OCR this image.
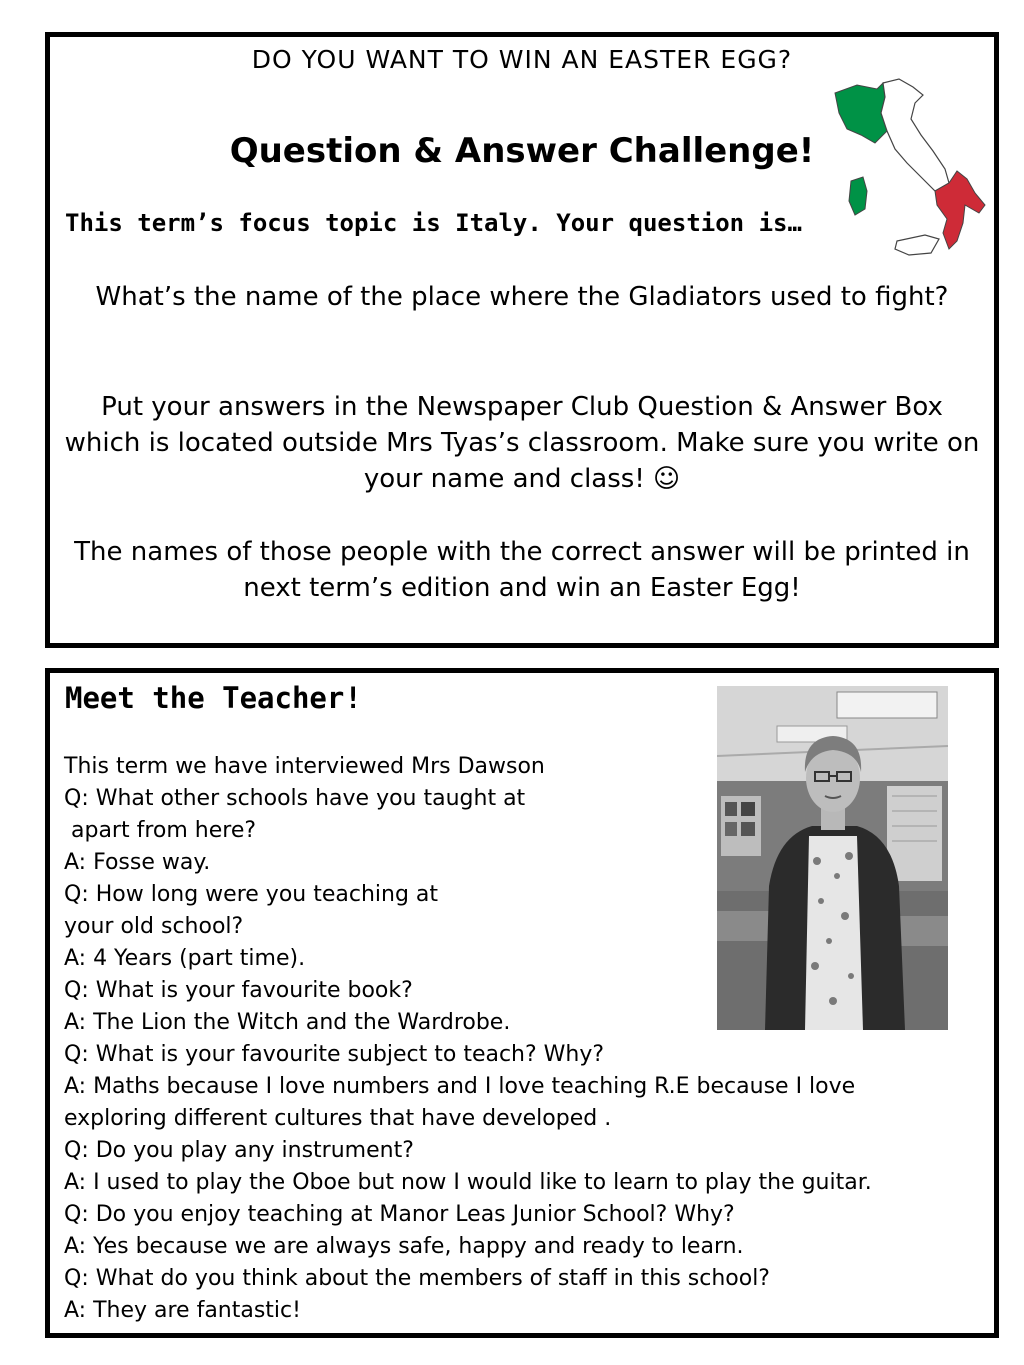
DO YOU WANT TO WIN AN EASTER EGG?
Question & Answer Challenge!
This term’s focus topic is Italy. Your question is…
What’s the name of the place where the Gladiators used to fight?
Put your answers in the Newspaper Club Question & Answer Box which is located outside Mrs Tyas’s classroom. Make sure you write on your name and class! ☺
The names of those people with the correct answer will be printed in next term’s edition and win an Easter Egg!
Meet the Teacher!
This term we have interviewed Mrs Dawson
Q: What other schools have you taught at
apart from here?
A: Fosse way.
Q: How long were you teaching at
your old school?
A: 4 Years (part time).
Q: What is your favourite book?
A: The Lion the Witch and the Wardrobe.
Q: What is your favourite subject to teach? Why?
A: Maths because I love numbers and I love teaching R.E because I love
exploring different cultures that have developed .
Q: Do you play any instrument?
A: I used to play the Oboe but now I would like to learn to play the guitar.
Q: Do you enjoy teaching at Manor Leas Junior School? Why?
A: Yes because we are always safe, happy and ready to learn.
Q: What do you think about the members of staff in this school?
A: They are fantastic!
